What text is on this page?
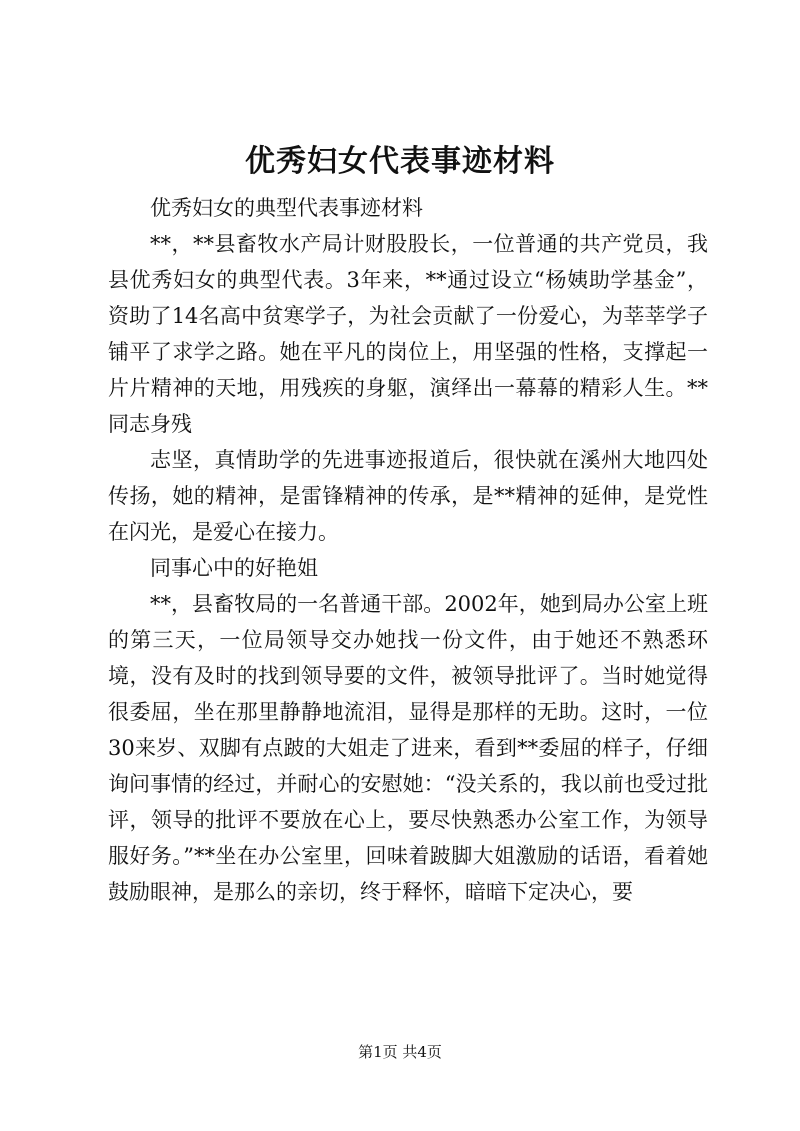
优秀妇女代表事迹材料

优秀妇女的典型代表事迹材料

**，**县畜牧水产局计财股股长，一位普通的共产党员，我县优秀妇女的典型代表。3年来，**通过设立“杨姨助学基金”，资助了14名高中贫寒学子，为社会贡献了一份爱心，为莘莘学子铺平了求学之路。她在平凡的岗位上，用坚强的性格，支撑起一片片精神的天地，用残疾的身躯，演绎出一幕幕的精彩人生。**同志身残

志坚，真情助学的先进事迹报道后，很快就在溪州大地四处传扬，她的精神，是雷锋精神的传承，是**精神的延伸，是党性在闪光，是爱心在接力。

同事心中的好艳姐

**，县畜牧局的一名普通干部。2002年，她到局办公室上班的第三天，一位局领导交办她找一份文件，由于她还不熟悉环境，没有及时的找到领导要的文件，被领导批评了。当时她觉得很委屈，坐在那里静静地流泪，显得是那样的无助。这时，一位30来岁、双脚有点跛的大姐走了进来，看到**委屈的样子，仔细询问事情的经过，并耐心的安慰她：“没关系的，我以前也受过批评，领导的批评不要放在心上，要尽快熟悉办公室工作，为领导服好务。”**坐在办公室里，回味着跛脚大姐激励的话语，看着她鼓励眼神，是那么的亲切，终于释怀，暗暗下定决心，要

第1页 共4页
